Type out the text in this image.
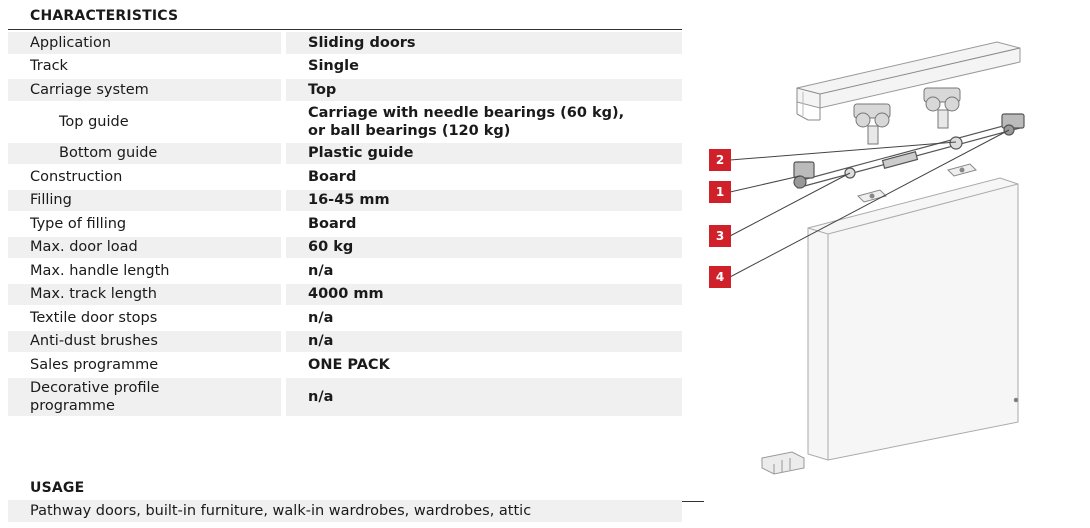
CHARACTERISTICS
Application	Sliding doors
Track	Single
Carriage system	Top
Top guide	Carriage with needle bearings (60 kg),
or ball bearings (120 kg)
Bottom guide	Plastic guide
Construction	Board
Filling	16-45 mm
Type of filling	Board
Max. door load	60 kg
Max. handle length	n/a
Max. track length	4000 mm
Textile door stops	n/a
Anti-dust brushes	n/a
Sales programme	ONE PACK
Decorative profile
programme	n/a
USAGE
Pathway doors, built-in furniture, walk-in wardrobes, wardrobes, attic
2
1
3
4
